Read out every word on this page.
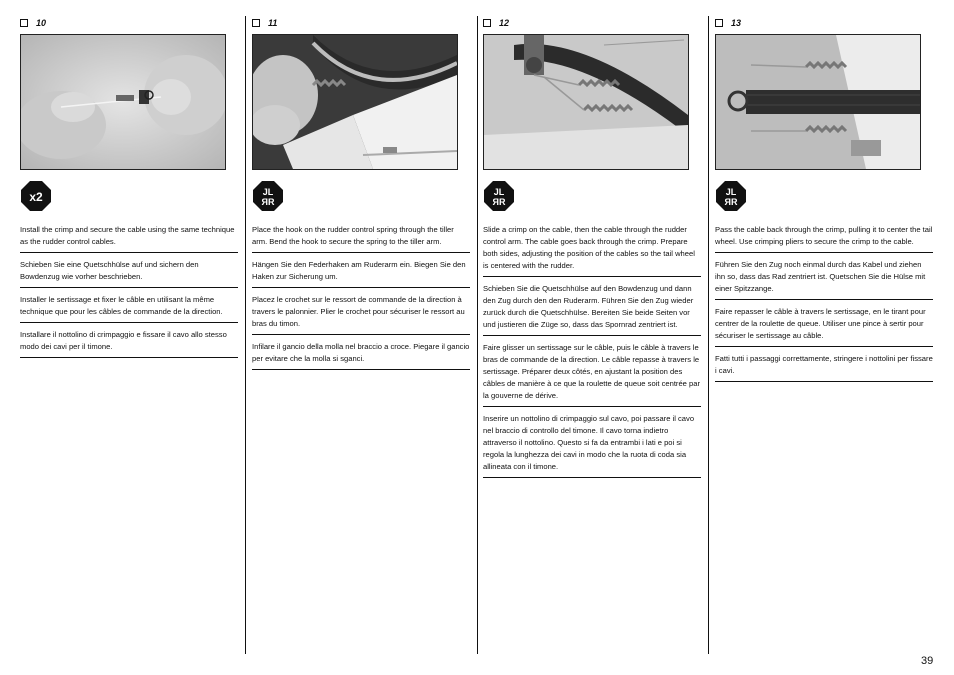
10
x2
Install the crimp and secure the cable using the same technique as the rudder control cables.
Schieben Sie eine Quetschhülse auf und sichern den Bowdenzug wie vorher beschrieben.
Installer le sertissage et fixer le câble en utilisant la même technique que pour les câbles de commande de la direction.
Installare il nottolino di crimpaggio e fissare il cavo allo stesso modo dei cavi per il timone.
11
JL
ЯR
Place the hook on the rudder control spring through the tiller arm. Bend the hook to secure the spring to the tiller arm.
Hängen Sie den Federhaken am Ruderarm ein. Biegen Sie den Haken zur Sicherung um.
Placez le crochet sur le ressort de commande de la direction à travers le palonnier. Plier le crochet pour sécuriser le ressort au bras du timon.
Infilare il gancio della molla nel braccio a croce. Piegare il gancio per evitare che la molla si sganci.
12
JL
ЯR
Slide a crimp on the cable, then the cable through the rudder control arm. The cable goes back through the crimp. Prepare both sides, adjusting the position of the cables so the tail wheel is centered with the rudder.
Schieben Sie die Quetschhülse auf den Bowdenzug und dann den Zug durch den den Ruderarm. Führen Sie den Zug wieder zurück durch die Quetschhülse. Bereiten Sie beide Seiten vor und justieren die Züge so, dass das Spornrad zentriert ist.
Faire glisser un sertissage sur le câble, puis le câble à travers le bras de commande de la direction. Le câble repasse à travers le sertissage. Préparer deux côtés, en ajustant la position des câbles de manière à ce que la roulette de queue soit centrée par la gouverne de dérive.
Inserire un nottolino di crimpaggio sul cavo, poi passare il cavo nel braccio di controllo del timone. Il cavo torna indietro attraverso il nottolino. Questo si fa da entrambi i lati e poi si regola la lunghezza dei cavi in modo che la ruota di coda sia allineata con il timone.
13
JL
ЯR
Pass the cable back through the crimp, pulling it to center the tail wheel. Use crimping pliers to secure the crimp to the cable.
Führen Sie den Zug noch einmal durch das Kabel und ziehen ihn so, dass das Rad zentriert ist. Quetschen Sie die Hülse mit einer Spitzzange.
Faire repasser le câble à travers le sertissage, en le tirant pour centrer de la roulette de queue. Utiliser une pince à sertir pour sécuriser le sertissage au câble.
Fatti tutti i passaggi correttamente, stringere i nottolini per fissare i cavi.
39
